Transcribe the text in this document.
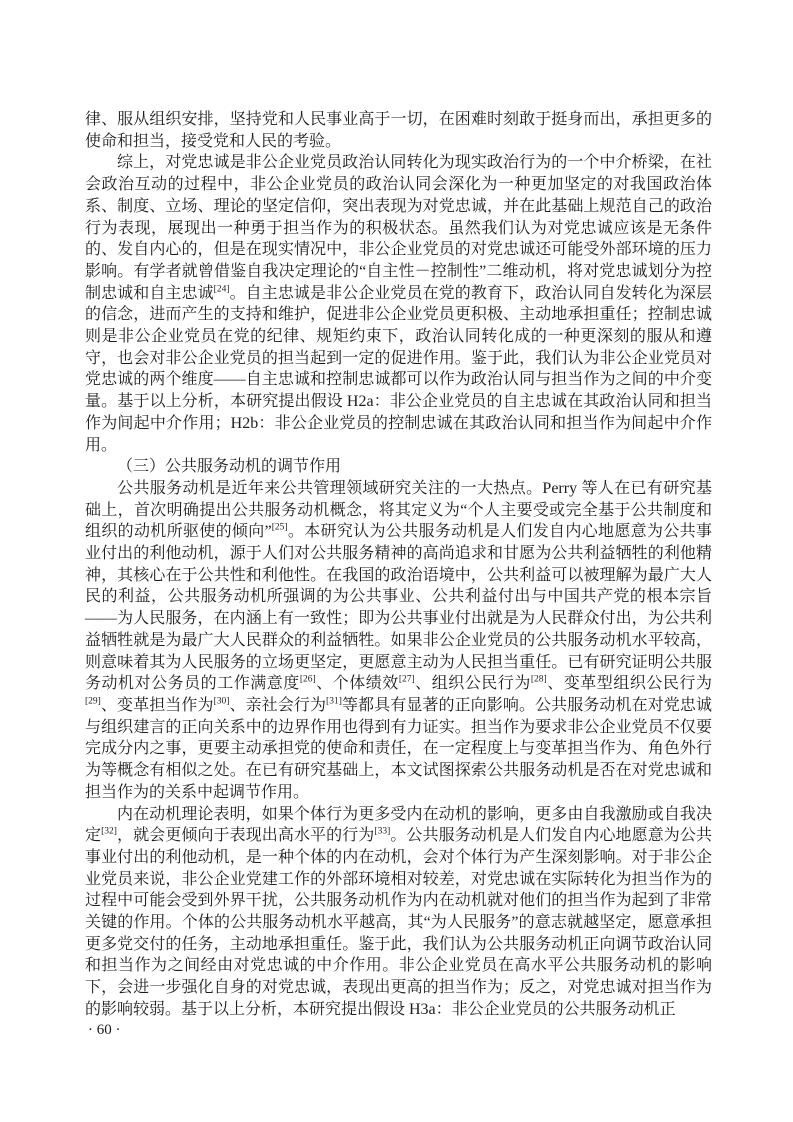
律、服从组织安排，坚持党和人民事业高于一切，在困难时刻敢于挺身而出，承担更多的使命和担当，接受党和人民的考验。

综上，对党忠诚是非公企业党员政治认同转化为现实政治行为的一个中介桥梁，在社会政治互动的过程中，非公企业党员的政治认同会深化为一种更加坚定的对我国政治体系、制度、立场、理论的坚定信仰，突出表现为对党忠诚，并在此基础上规范自己的政治行为表现，展现出一种勇于担当作为的积极状态。虽然我们认为对党忠诚应该是无条件的、发自内心的，但是在现实情况中，非公企业党员的对党忠诚还可能受外部环境的压力影响。有学者就曾借鉴自我决定理论的“自主性－控制性”二维动机，将对党忠诚划分为控制忠诚和自主忠诚[24]。自主忠诚是非公企业党员在党的教育下，政治认同自发转化为深层的信念，进而产生的支持和维护，促进非公企业党员更积极、主动地承担重任；控制忠诚则是非公企业党员在党的纪律、规矩约束下，政治认同转化成的一种更深刻的服从和遵守，也会对非公企业党员的担当起到一定的促进作用。鉴于此，我们认为非公企业党员对党忠诚的两个维度——自主忠诚和控制忠诚都可以作为政治认同与担当作为之间的中介变量。基于以上分析，本研究提出假设 H2a：非公企业党员的自主忠诚在其政治认同和担当作为间起中介作用；H2b：非公企业党员的控制忠诚在其政治认同和担当作为间起中介作用。

（三）公共服务动机的调节作用

公共服务动机是近年来公共管理领域研究关注的一大热点。Perry 等人在已有研究基础上，首次明确提出公共服务动机概念，将其定义为“个人主要受或完全基于公共制度和组织的动机所驱使的倾向”[25]。本研究认为公共服务动机是人们发自内心地愿意为公共事业付出的利他动机，源于人们对公共服务精神的高尚追求和甘愿为公共利益牺牲的利他精神，其核心在于公共性和利他性。在我国的政治语境中，公共利益可以被理解为最广大人民的利益，公共服务动机所强调的为公共事业、公共利益付出与中国共产党的根本宗旨——为人民服务，在内涵上有一致性；即为公共事业付出就是为人民群众付出，为公共利益牺牲就是为最广大人民群众的利益牺牲。如果非公企业党员的公共服务动机水平较高，则意味着其为人民服务的立场更坚定，更愿意主动为人民担当重任。已有研究证明公共服务动机对公务员的工作满意度[26]、个体绩效[27]、组织公民行为[28]、变革型组织公民行为[29]、变革担当作为[30]、亲社会行为[31]等都具有显著的正向影响。公共服务动机在对党忠诚与组织建言的正向关系中的边界作用也得到有力证实。担当作为要求非公企业党员不仅要完成分内之事，更要主动承担党的使命和责任，在一定程度上与变革担当作为、角色外行为等概念有相似之处。在已有研究基础上，本文试图探索公共服务动机是否在对党忠诚和担当作为的关系中起调节作用。

内在动机理论表明，如果个体行为更多受内在动机的影响，更多由自我激励或自我决定[32]，就会更倾向于表现出高水平的行为[33]。公共服务动机是人们发自内心地愿意为公共事业付出的利他动机，是一种个体的内在动机，会对个体行为产生深刻影响。对于非公企业党员来说，非公企业党建工作的外部环境相对较差，对党忠诚在实际转化为担当作为的过程中可能会受到外界干扰，公共服务动机作为内在动机就对他们的担当作为起到了非常关键的作用。个体的公共服务动机水平越高，其“为人民服务”的意志就越坚定，愿意承担更多党交付的任务，主动地承担重任。鉴于此，我们认为公共服务动机正向调节政治认同和担当作为之间经由对党忠诚的中介作用。非公企业党员在高水平公共服务动机的影响下，会进一步强化自身的对党忠诚，表现出更高的担当作为；反之，对党忠诚对担当作为的影响较弱。基于以上分析，本研究提出假设 H3a：非公企业党员的公共服务动机正

· 60 ·
